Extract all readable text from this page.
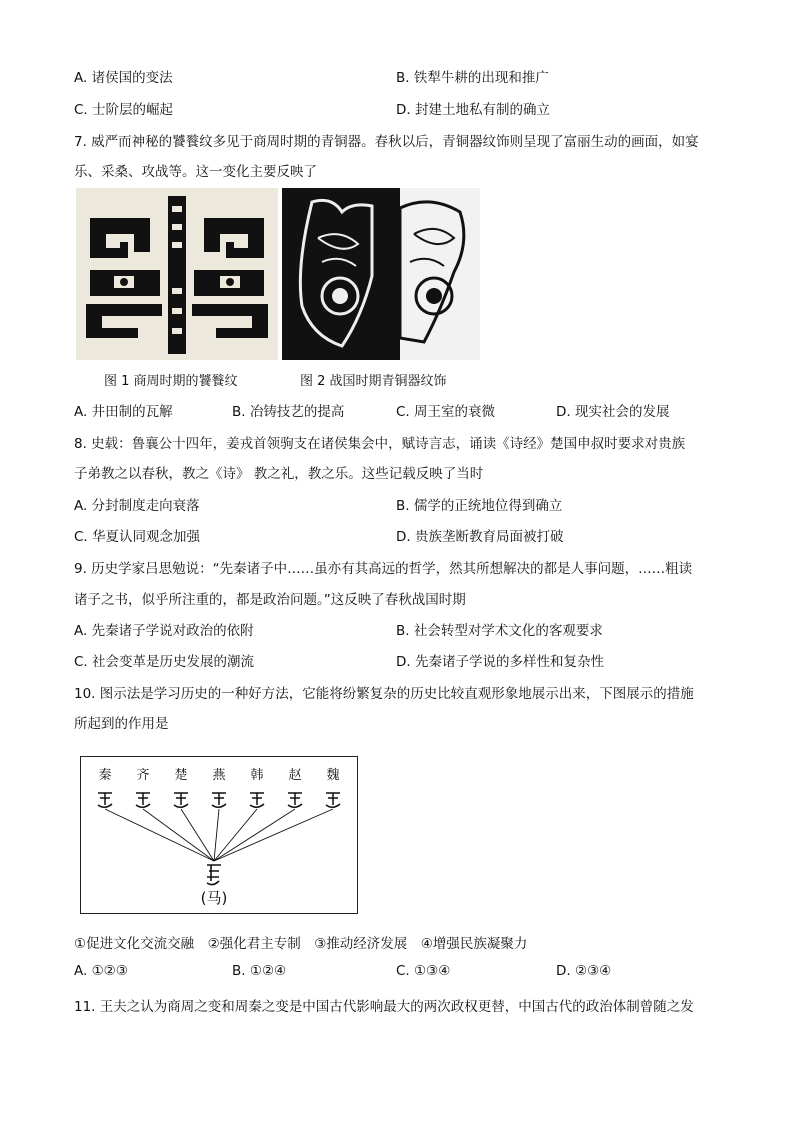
A. 诸侯国的变法	B. 铁犁牛耕的出现和推广
C. 士阶层的崛起	D. 封建土地私有制的确立
7. 威严而神秘的饕餮纹多见于商周时期的青铜器。春秋以后，青铜器纹饰则呈现了富丽生动的画面，如宴
乐、采桑、攻战等。这一变化主要反映了
图 1 商周时期的饕餮纹	图 2 战国时期青铜器纹饰
A. 井田制的瓦解	B. 冶铸技艺的提高	C. 周王室的衰微	D. 现实社会的发展
8. 史载：鲁襄公十四年，姜戎首领驹支在诸侯集会中，赋诗言志，诵读《诗经》楚国申叔时要求对贵族
子弟教之以春秋，教之《诗》 教之礼，教之乐。这些记载反映了当时
A. 分封制度走向衰落	B. 儒学的正统地位得到确立
C. 华夏认同观念加强	D. 贵族垄断教育局面被打破
9. 历史学家吕思勉说：“先秦诸子中……虽亦有其高远的哲学，然其所想解决的都是人事问题，……粗读
诸子之书，似乎所注重的，都是政治问题。”这反映了春秋战国时期
A. 先秦诸子学说对政治的依附	B. 社会转型对学术文化的客观要求
C. 社会变革是历史发展的潮流	D. 先秦诸子学说的多样性和复杂性
10. 图示法是学习历史的一种好方法，它能将纷繁复杂的历史比较直观形象地展示出来，下图展示的措施
所起到的作用是
秦 齐 楚 燕 韩 赵 魏
(马)
①促进文化交流交融　②强化君主专制　③推动经济发展　④增强民族凝聚力
A. ①②③	B. ①②④	C. ①③④	D. ②③④
11. 王夫之认为商周之变和周秦之变是中国古代影响最大的两次政权更替，中国古代的政治体制曾随之发
